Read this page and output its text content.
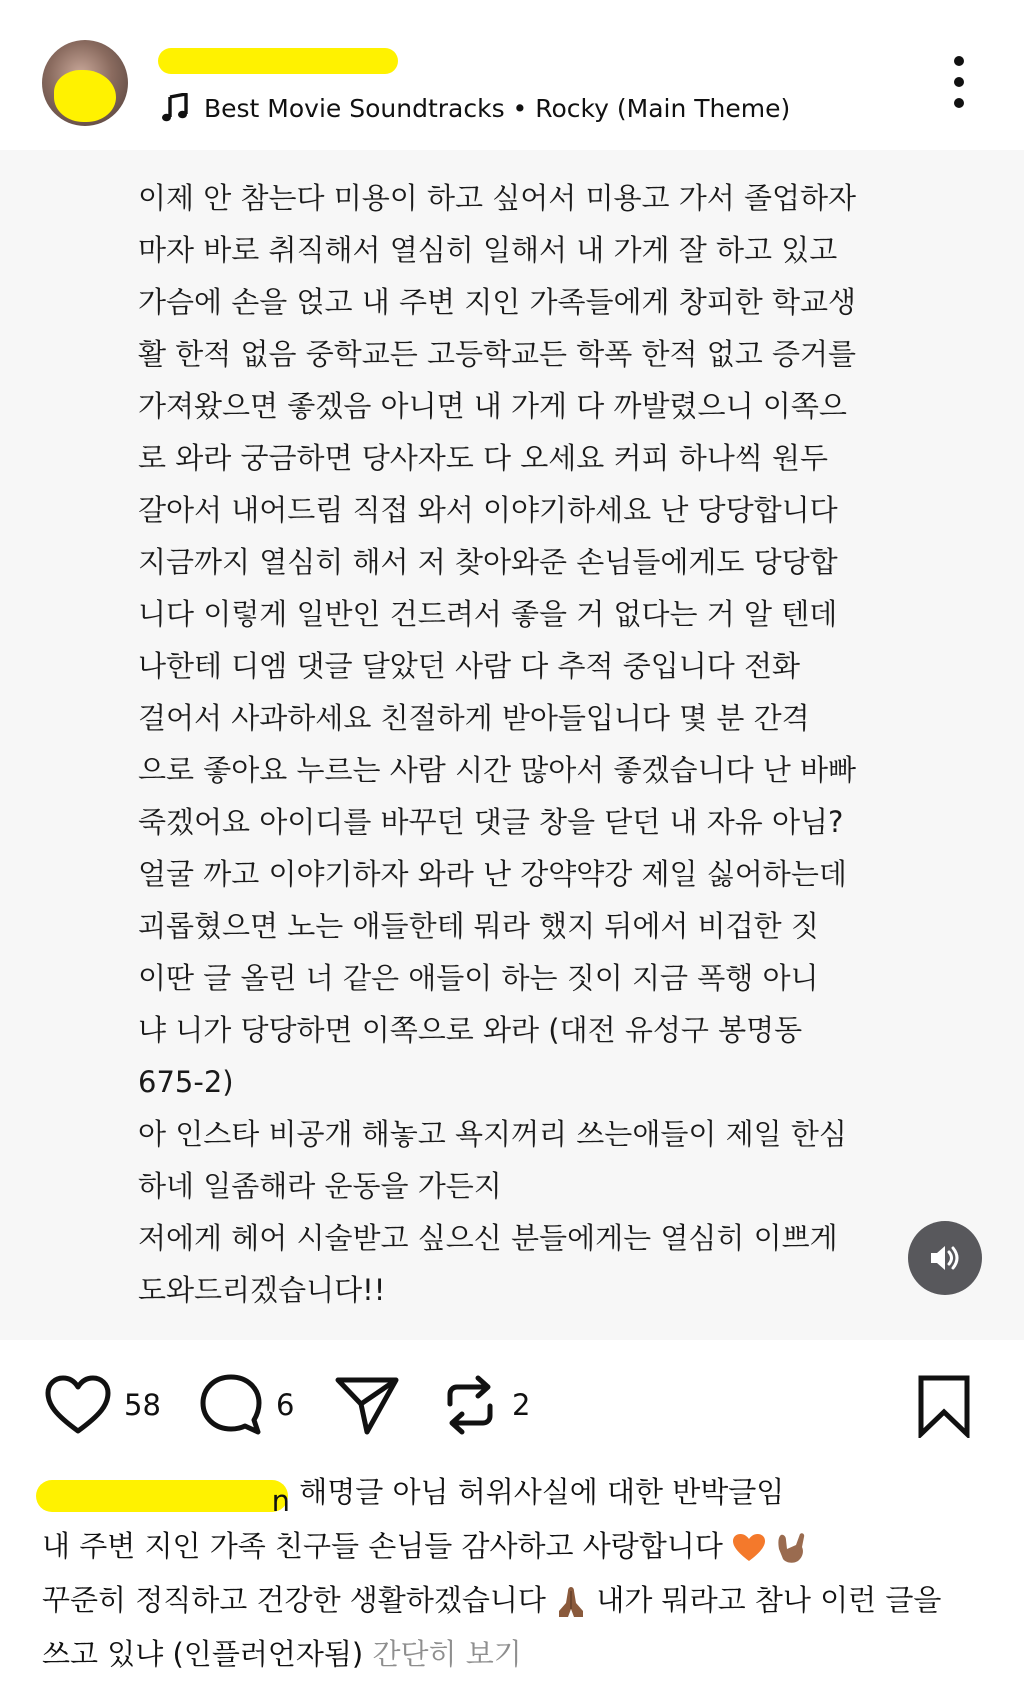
Best Movie Soundtracks • Rocky (Main Theme)
이제 안 참는다 미용이 하고 싶어서 미용고 가서 졸업하자
마자 바로 취직해서 열심히 일해서 내 가게 잘 하고 있고
가슴에 손을 얹고 내 주변 지인 가족들에게 창피한 학교생
활 한적 없음 중학교든 고등학교든 학폭 한적 없고 증거를
가져왔으면 좋겠음 아니면 내 가게 다 까발렸으니 이쪽으
로 와라 궁금하면 당사자도 다 오세요 커피 하나씩 원두
갈아서 내어드림 직접 와서 이야기하세요 난 당당합니다
지금까지 열심히 해서 저 찾아와준 손님들에게도 당당합
니다 이렇게 일반인 건드려서 좋을 거 없다는 거 알 텐데
나한테 디엠 댓글 달았던 사람 다 추적 중입니다 전화
걸어서 사과하세요 친절하게 받아들입니다 몇 분 간격
으로 좋아요 누르는 사람 시간 많아서 좋겠습니다 난 바빠
죽겠어요 아이디를 바꾸던 댓글 창을 닫던 내 자유 아님?
얼굴 까고 이야기하자 와라 난 강약약강 제일 싫어하는데
괴롭혔으면 노는 애들한테 뭐라 했지 뒤에서 비겁한 짓
이딴 글 올린 너 같은 애들이 하는 짓이 지금 폭행 아니
냐 니가 당당하면 이쪽으로 와라 (대전 유성구 봉명동
675-2)
아 인스타 비공개 해놓고 욕지꺼리 쓰는애들이 제일 한심
하네 일좀해라 운동을 가든지
저에게 헤어 시술받고 싶으신 분들에게는 열심히 이쁘게
도와드리겠습니다!!
58	6	2
n 해명글 아님 허위사실에 대한 반박글임
내 주변 지인 가족 친구들 손님들 감사하고 사랑합니다
꾸준히 정직하고 건강한 생활하겠습니다  내가 뭐라고 참나 이런 글을
쓰고 있냐 (인플러언자됨) 간단히 보기
